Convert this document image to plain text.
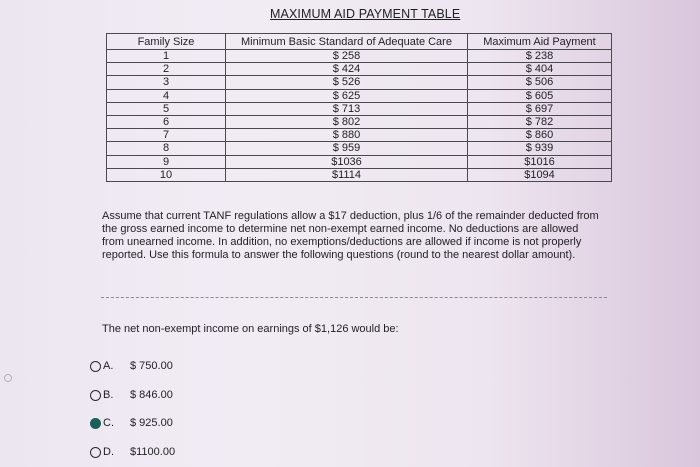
MAXIMUM AID PAYMENT TABLE
Family Size	Minimum Basic Standard of Adequate Care	Maximum Aid Payment
1	$ 258	$ 238
2	$ 424	$ 404
3	$ 526	$ 506
4	$ 625	$ 605
5	$ 713	$ 697
6	$ 802	$ 782
7	$ 880	$ 860
8	$ 959	$ 939
9	$1036	$1016
10	$1114	$1094
Assume that current TANF regulations allow a $17 deduction, plus 1/6 of the remainder deducted from the gross earned income to determine net non-exempt earned income. No deductions are allowed from unearned income. In addition, no exemptions/deductions are allowed if income is not properly reported. Use this formula to answer the following questions (round to the nearest dollar amount).
The net non-exempt income on earnings of $1,126 would be:
A.	$ 750.00
B.	$ 846.00
C.	$ 925.00
D.	$1100.00
